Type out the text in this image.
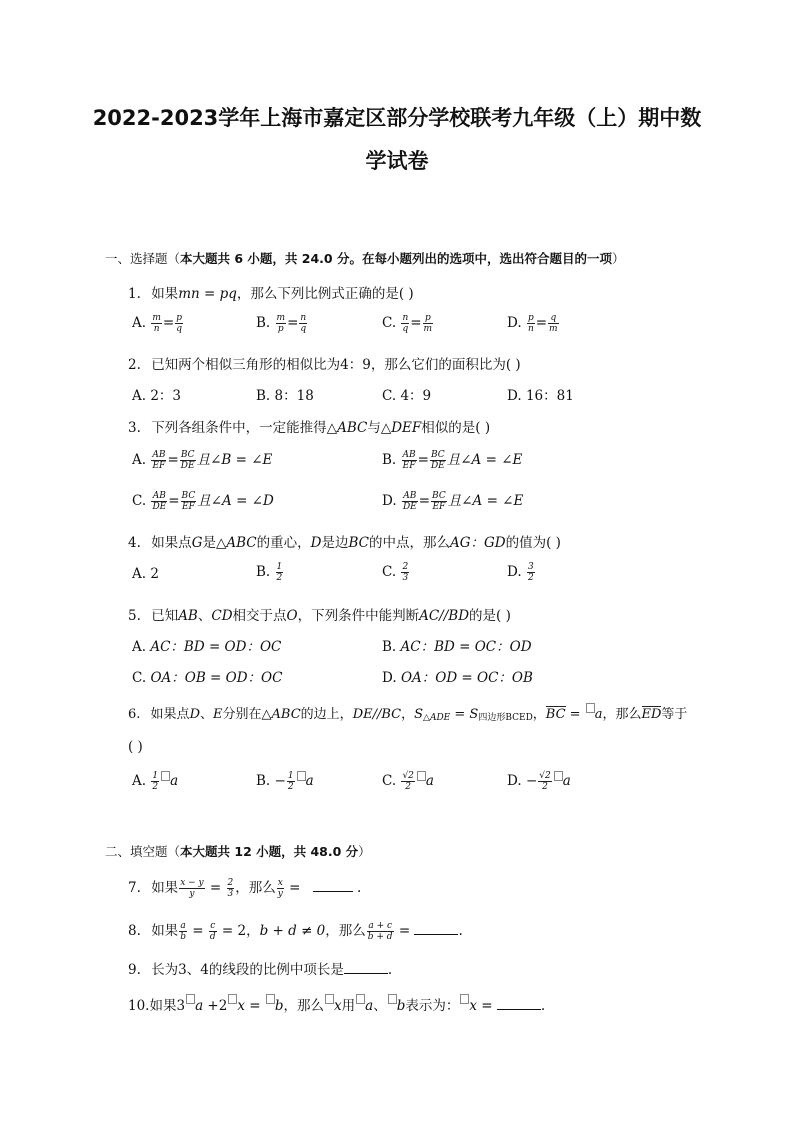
2022-2023学年上海市嘉定区部分学校联考九年级（上）期中数
学试卷
一、选择题（本大题共 6 小题，共 24.0 分。在每小题列出的选项中，选出符合题目的一项）
1. 如果mn = pq，那么下列比例式正确的是( )
A. $\frac{m}{n} = \frac{p}{q}$	B. $\frac{m}{p} = \frac{n}{q}$	C. $\frac{n}{q} = \frac{p}{m}$	D. $\frac{p}{n} = \frac{q}{m}$
2. 已知两个相似三角形的相似比为4：9，那么它们的面积比为( )
A. 2：3	B. 8：18	C. 4：9	D. 16：81
3. 下列各组条件中，一定能推得△ABC与△DEF相似的是( )
A. $\frac{AB}{EF} = \frac{BC}{DE}$ 且∠B = ∠E	B. $\frac{AB}{EF} = \frac{BC}{DE}$ 且∠A = ∠E
C. $\frac{AB}{DE} = \frac{BC}{EF}$ 且∠A = ∠D	D. $\frac{AB}{DE} = \frac{BC}{EF}$ 且∠A = ∠E
4. 如果点G是△ABC的重心，D是边BC的中点，那么AG：GD的值为( )
A. 2	B. $\frac{1}{2}$	C. $\frac{2}{3}$	D. $\frac{3}{2}$
5. 已知AB、CD相交于点O，下列条件中能判断AC//BD的是( )
A. AC：BD = OD：OC	B. AC：BD = OC：OD
C. OA：OB = OD：OC	D. OA：OD = OC：OB
6. 如果点D、E分别在△ABC的边上，DE//BC，$S_{\triangle ADE} = S_{四边形BCED}$，BC = a，那么ED等于
( )
A. $\frac{1}{2}$ a	B. − $\frac{1}{2}$ a	C. $\frac{√2}{2}$ a	D. − $\frac{√2}{2}$ a
二、填空题（本大题共 12 小题，共 48.0 分）
7. 如果 $\frac{x - y}{y} = \frac{2}{3}$ ，那么 $\frac{x}{y}$ =	.
8. 如果 $\frac{a}{b} = \frac{c}{d} = 2$，b + d ≠ 0，那么 $\frac{a + c}{b + d}$ =	.
9. 长为3、4的线段的比例中项长是	.
10.如果3 a +2 x = b，那么 x用 a、 b表示为： x =	.
